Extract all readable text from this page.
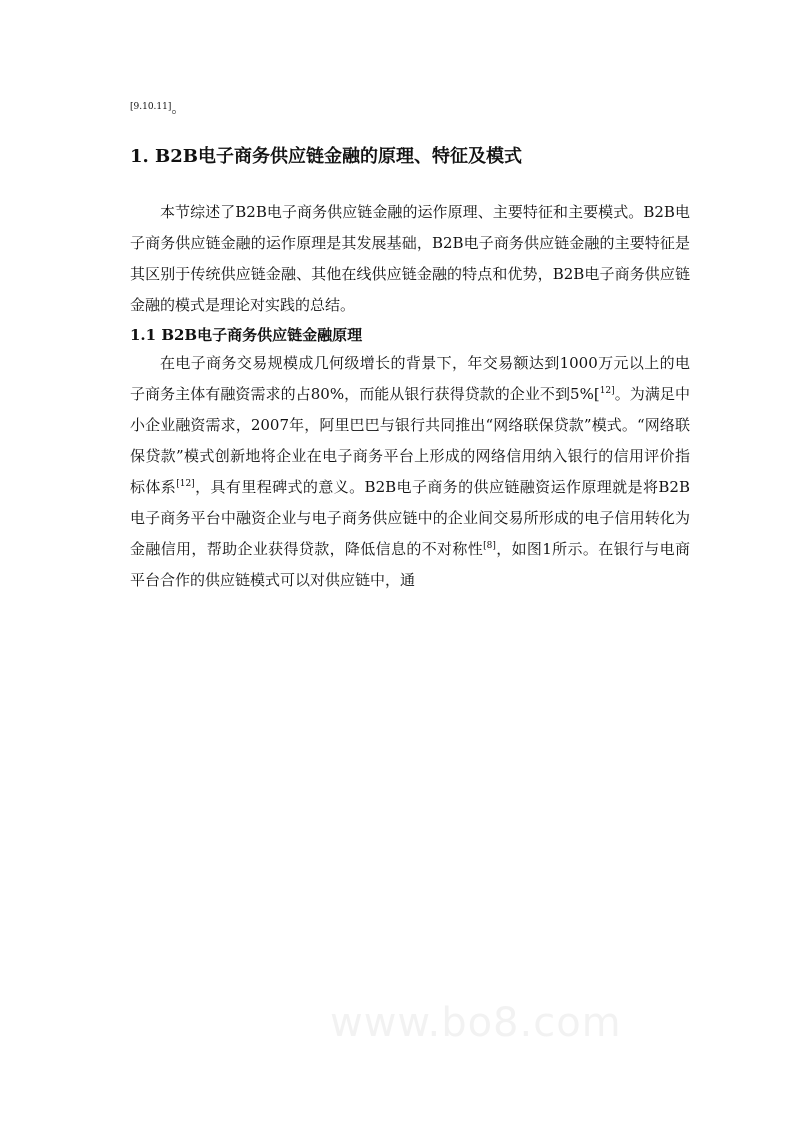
[9.10.11]。
1. B2B电子商务供应链金融的原理、特征及模式

本节综述了B2B电子商务供应链金融的运作原理、主要特征和主要模式。B2B电子商务供应链金融的运作原理是其发展基础，B2B电子商务供应链金融的主要特征是其区别于传统供应链金融、其他在线供应链金融的特点和优势，B2B电子商务供应链金融的模式是理论对实践的总结。

1.1 B2B电子商务供应链金融原理

在电子商务交易规模成几何级增长的背景下，年交易额达到1000万元以上的电子商务主体有融资需求的占80%，而能从银行获得贷款的企业不到5%[$^{12]}$。为满足中小企业融资需求，2007年，阿里巴巴与银行共同推出“网络联保贷款”模式。“网络联保贷款”模式创新地将企业在电子商务平台上形成的网络信用纳入银行的信用评价指标体系[12]，具有里程碑式的意义。B2B电子商务的供应链融资运作原理就是将B2B电子商务平台中融资企业与电子商务供应链中的企业间交易所形成的电子信用转化为金融信用，帮助企业获得贷款，降低信息的不对称性[8]，如图1所示。在银行与电商平台合作的供应链模式可以对供应链中，通

www.bo8.com
